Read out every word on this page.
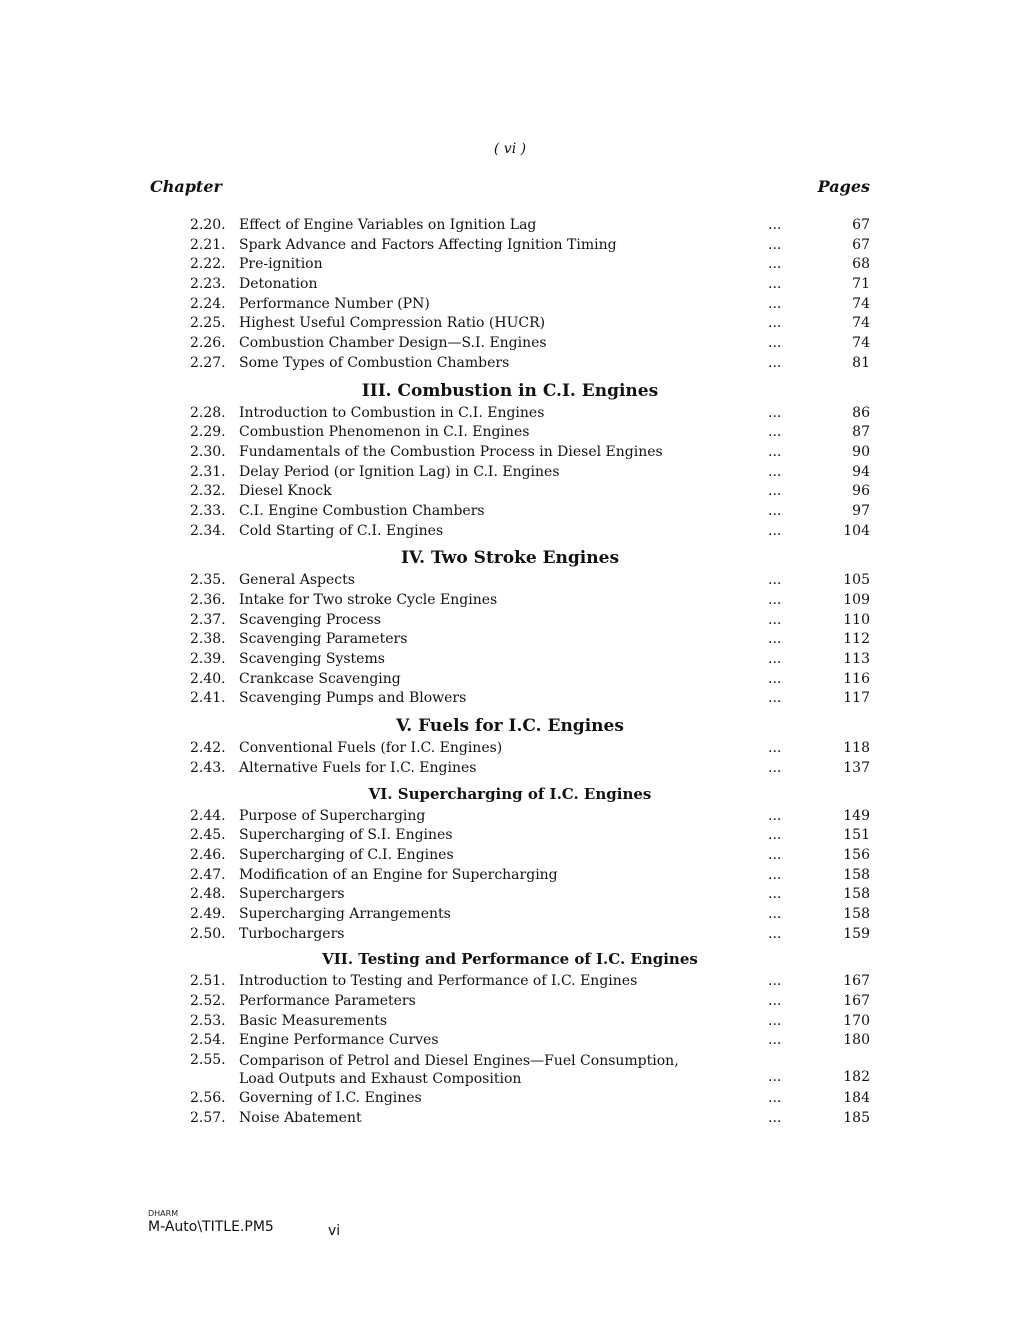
( vi )
Chapter	Pages
2.20. Effect of Engine Variables on Ignition Lag	...	67
2.21. Spark Advance and Factors Affecting Ignition Timing	...	67
2.22. Pre-ignition	...	68
2.23. Detonation	...	71
2.24. Performance Number (PN)	...	74
2.25. Highest Useful Compression Ratio (HUCR)	...	74
2.26. Combustion Chamber Design—S.I. Engines	...	74
2.27. Some Types of Combustion Chambers	...	81
III. Combustion in C.I. Engines
2.28. Introduction to Combustion in C.I. Engines	...	86
2.29. Combustion Phenomenon in C.I. Engines	...	87
2.30. Fundamentals of the Combustion Process in Diesel Engines	...	90
2.31. Delay Period (or Ignition Lag) in C.I. Engines	...	94
2.32. Diesel Knock	...	96
2.33. C.I. Engine Combustion Chambers	...	97
2.34. Cold Starting of C.I. Engines	...	104
IV. Two Stroke Engines
2.35. General Aspects	...	105
2.36. Intake for Two stroke Cycle Engines	...	109
2.37. Scavenging Process	...	110
2.38. Scavenging Parameters	...	112
2.39. Scavenging Systems	...	113
2.40. Crankcase Scavenging	...	116
2.41. Scavenging Pumps and Blowers	...	117
V. Fuels for I.C. Engines
2.42. Conventional Fuels (for I.C. Engines)	...	118
2.43. Alternative Fuels for I.C. Engines	...	137
VI. Supercharging of I.C. Engines
2.44. Purpose of Supercharging	...	149
2.45. Supercharging of S.I. Engines	...	151
2.46. Supercharging of C.I. Engines	...	156
2.47. Modification of an Engine for Supercharging	...	158
2.48. Superchargers	...	158
2.49. Supercharging Arrangements	...	158
2.50. Turbochargers	...	159
VII. Testing and Performance of I.C. Engines
2.51. Introduction to Testing and Performance of I.C. Engines	...	167
2.52. Performance Parameters	...	167
2.53. Basic Measurements	...	170
2.54. Engine Performance Curves	...	180
2.55. Comparison of Petrol and Diesel Engines—Fuel Consumption,
Load Outputs and Exhaust Composition	...	182
2.56. Governing of I.C. Engines	...	184
2.57. Noise Abatement	...	185
DHARM
M-Auto\TITLE.PM5	vi
